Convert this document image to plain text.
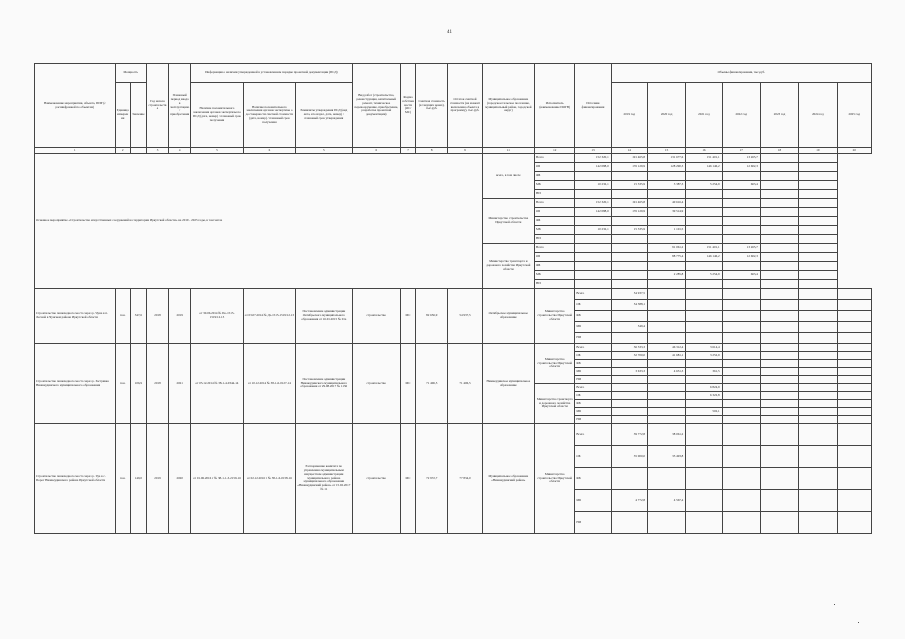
41
Наименование мероприятия, объекта, ПИР (с расшифровкой по объектам)	Мощность		Год начала строительства	Плановый период ввода в эксплуатацию/приобретения	Информация о наличии утвержденной в установленном порядке проектной документации (ПСД)			Вид работ (строительство, реконструкция, капитальный ремонт, техническое перевооружение, приобретение, разработка проектной документации)	Форма собственности (ОС/МС)	Сметная стоимость (в текущих ценах), тыс.руб.	Остаток сметной стоимости (на момент включения объекта в программу), тыс.руб.	Муниципальное образование (городское/сельское поселение, муниципальный район, городской округ)	Исполнитель (наименование ИОГВ)	Источник финансирования	Объемы финансирования, тыс.руб.						
	Единица измерения	Значение			Наличие положительного заключения органов экспертизы по ПСД (дата, номер) / плановый срок получения	Наличие положительного заключения органов экспертизы о достоверности сметной стоимости (дата, номер) / плановый срок получения	Реквизиты утверждения ПСД (вид акта, кто издал, дата, номер) / плановый срок утверждения								2019 год	2020 год	2021 год	2022 год	2023 год	2024 год	2025 год
1	2		3	4	5	6	5	6	7	8	9	11	12	13	14	15	16	17	18	19	20
Основное мероприятие «Строительство искусственных сооружений на территории Иркутской области» на 2019 - 2025 годы, в том числе												всего, в том числе	Всего	152 320,1	191 465,8	131 677,6	151 401,1	13 265,7			
													ОБ	142 088,0	176 129,9	128 290,3	146 146,2	12 602,3			
													ФБ								
													МБ	10 232,1	15 335,9	3 387,3	5 254,9	663,4			
													НИ								
												Министерство строительства Иркутской области	Всего	152 320,1	191 465,8	40 616,4					
													ОБ	142 088,0	176 129,9	39 514,9					
													ФБ								
													МБ	10 232,1	15 335,9	1 101,5					
													НИ								
												Министерство транспорта и дорожного хозяйства Иркутской области	Всего			91 061,2	151 401,1	13 265,7			
													ОБ			88 775,4	146 146,2	12 602,3			
													ФБ								
													МБ			2 285,8	5 254,9	663,4			
													НИ								
Строительство пешеходного моста через р. Чуна в п. Лесной в Чунском районе Иркутской области	п.м.	347,6	2018	2019	от 30.06.2014 № По-1515-1519/12.13	от 03.07.2014 № Дз-1515-1519/12.13	Постановление администрации Октябрьского муниципального образования от 16.01.2015 № 01а	строительство	МС	82 656,9	54 937,5	Октябрьское муниципальное образование	Министерство строительства Иркутской области	Всего	54 937,5						
														ОБ	54 388,1						
														ФБ							
														МБ	549,4						
														НИ							
Строительство пешеходного моста через р. Застрявка Нижнеудинского муниципального образования	п.м.	106,9	2018	2021	от 05.12.2014 № 38-1-4-0344-14	от 10.12.2014 № 38-1-6-0127-14	Постановление администрации Нижнеудинского муниципального образования от 29.08.2017 № 1136	строительство	МС	71 406,5	71 406,5	Нижнеудинское муниципальное образование	Министерство строительства Иркутской области	Всего	36 333,3	46 312,4	3 614,4				
														ОБ	32 700,0	41 681,1	3 252,9				
														ФБ							
														МБ	3 633,3	4 631,3	361,5				
														НИ							
													Министерство транспорта и дорожного хозяйства Иркутской области	Всего			6 824,9				
														ОБ			6 322,8				
														ФБ							
														МБ			502,1				
														НИ							
Строительство пешеходного моста через р. Уда в с. Порог Нижнеудинского района Иркутской области	п.м.	149,0	2019	2020	от 01.06.2016 г № 38-1-1-3-2159-16	от 02.12.2016 г № 38-1-6-0158-16	Распоряжение комитета по управлению муниципальным имуществом администрации муниципального района муниципального образования «Нижнеудинский район» от 15.02.2017 № 11	строительство	МС	72 972,7	77 834,0	Муниципальное образование «Нижнеудинский район»	Министерство строительства Иркутской области	Всего	39 772,8	38 061,2					
														ОБ	35 000,0	35 493,8					
														ФБ							
														МБ	4 772,8	4 567,4					
														НИ							
